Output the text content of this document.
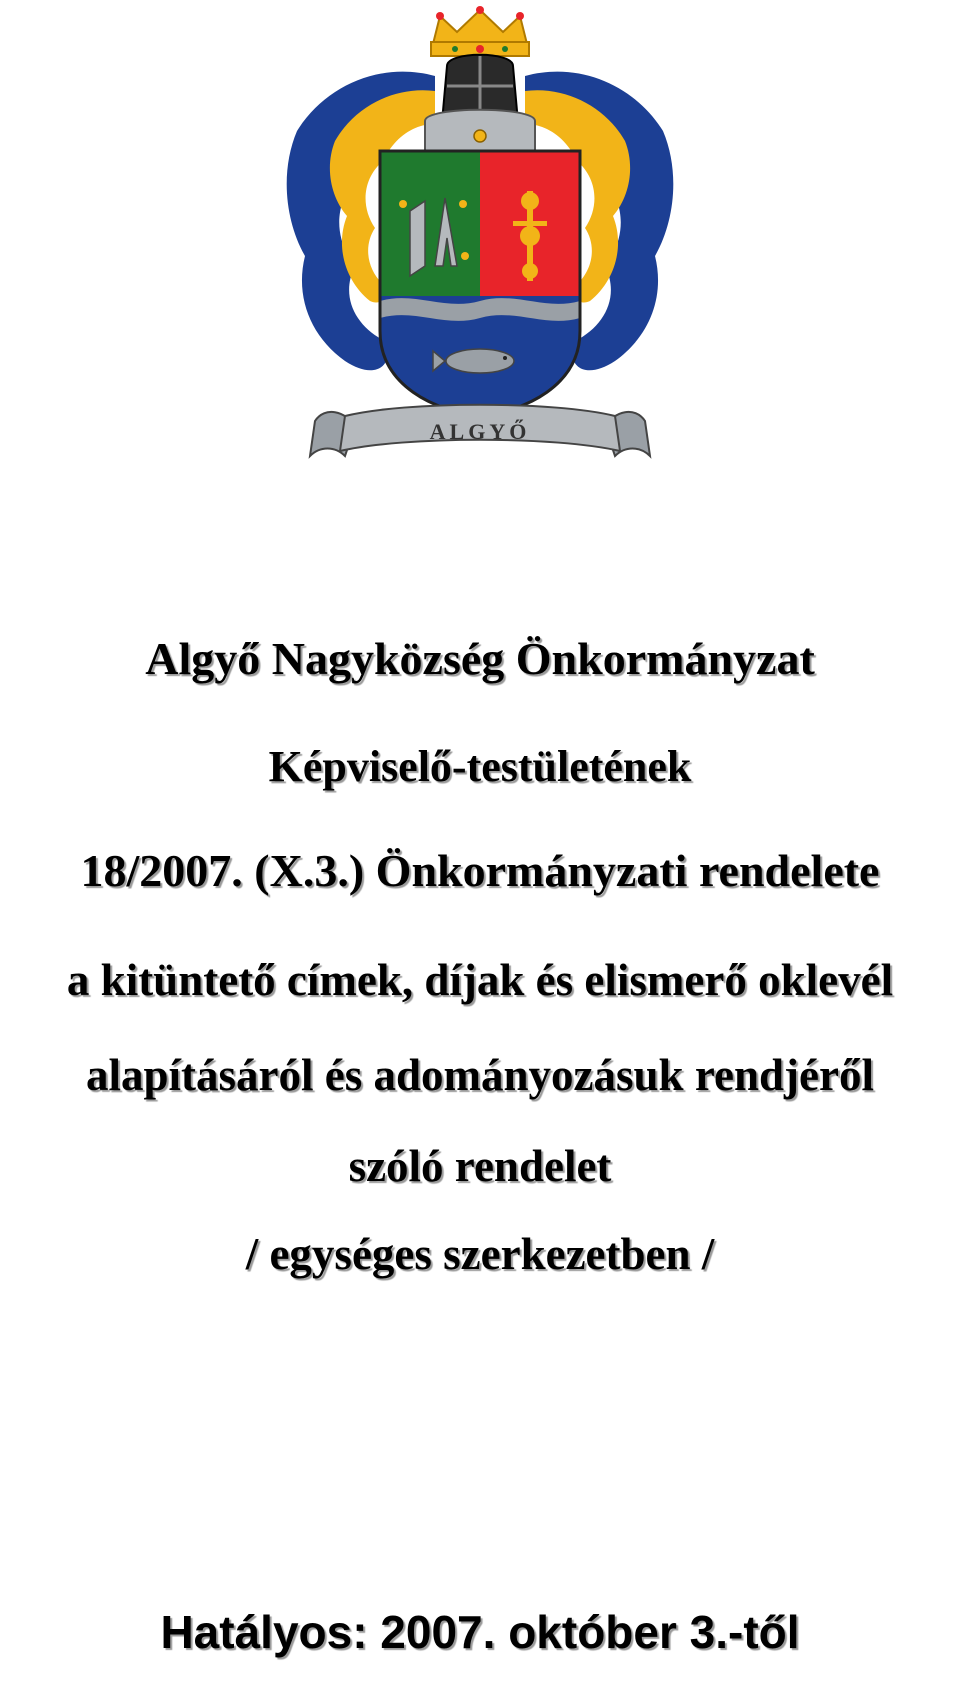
ALGYŐ
Algyő Nagyközség Önkormányzat
Képviselő-testületének
18/2007. (X.3.) Önkormányzati rendelete
a kitüntető címek, díjak és elismerő oklevél
alapításáról és adományozásuk rendjéről
szóló rendelet
/ egységes szerkezetben /
Hatályos: 2007. október 3.-től
